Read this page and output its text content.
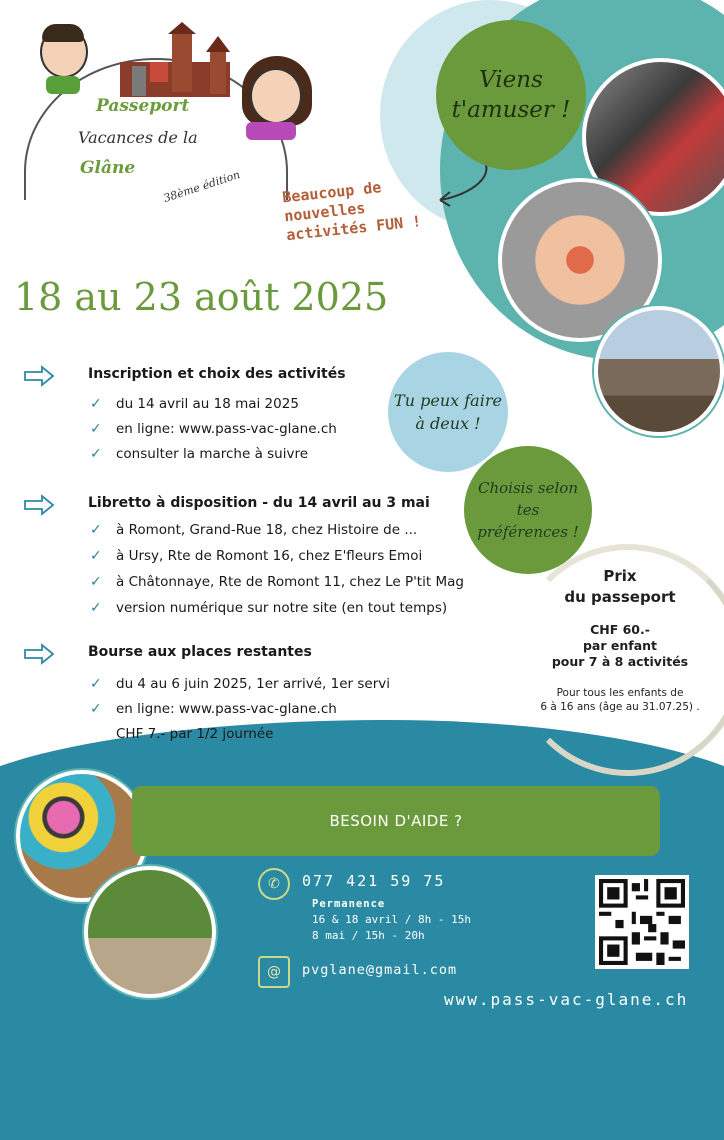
Passeport
Vacances de la
Glâne
38ème édition	Beaucoup de nouvelles activités FUN !
Viens t'amuser !
Tu peux faire à deux !
Choisis selon tes préférences !
18 au 23 août 2025
Inscription et choix des activités
✓ du 14 avril au 18 mai 2025
✓ en ligne: www.pass-vac-glane.ch
✓ consulter la marche à suivre
Libretto à disposition - du 14 avril au 3 mai
✓ à Romont, Grand-Rue 18, chez Histoire de ...
✓ à Ursy, Rte de Romont 16, chez E'fleurs Emoi
✓ à Châtonnaye, Rte de Romont 11, chez Le P'tit Mag
✓ version numérique sur notre site (en tout temps)
Bourse aux places restantes
✓ du 4 au 6 juin 2025, 1er arrivé, 1er servi
✓ en ligne: www.pass-vac-glane.ch
CHF 7.- par 1/2 journée
Prix
du passeport
CHF 60.-
par enfant
pour 7 à 8 activités
Pour tous les enfants de
6 à 16 ans (âge au 31.07.25) .
BESOIN D'AIDE ?
✆	077 421 59 75
Permanence
16 & 18 avril / 8h - 15h
8 mai / 15h - 20h
@	pvglane@gmail.com
www.pass-vac-glane.ch
